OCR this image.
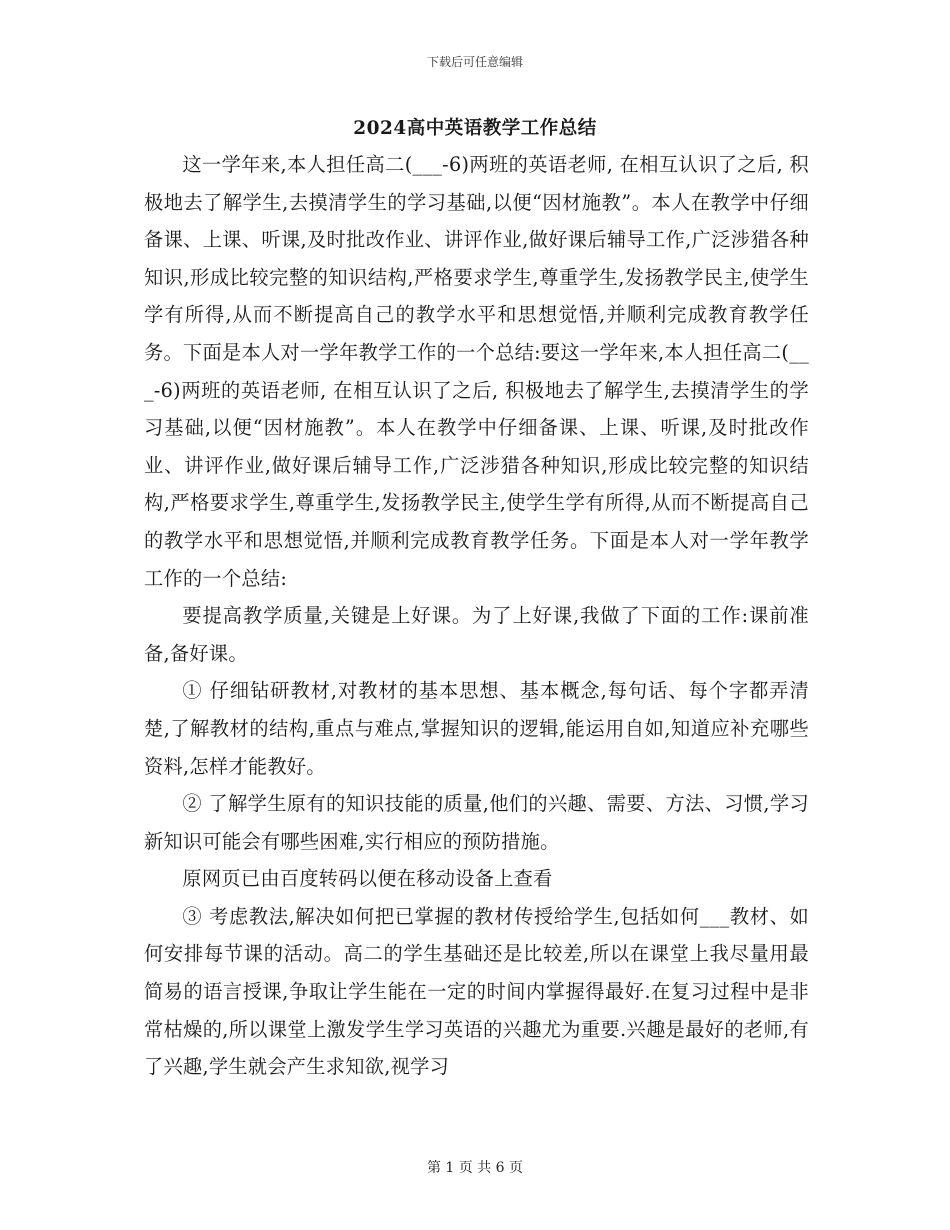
下载后可任意编辑
2024高中英语教学工作总结

这一学年来,本人担任高二(___-6)两班的英语老师, 在相互认识了之后, 积极地去了解学生,去摸清学生的学习基础,以便“因材施教”。本人在教学中仔细备课、上课、听课,及时批改作业、讲评作业,做好课后辅导工作,广泛涉猎各种知识,形成比较完整的知识结构,严格要求学生,尊重学生,发扬教学民主,使学生学有所得,从而不断提高自己的教学水平和思想觉悟,并顺利完成教育教学任务。下面是本人对一学年教学工作的一个总结:要这一学年来,本人担任高二(___-6)两班的英语老师, 在相互认识了之后, 积极地去了解学生,去摸清学生的学习基础,以便“因材施教”。本人在教学中仔细备课、上课、听课,及时批改作业、讲评作业,做好课后辅导工作,广泛涉猎各种知识,形成比较完整的知识结构,严格要求学生,尊重学生,发扬教学民主,使学生学有所得,从而不断提高自己的教学水平和思想觉悟,并顺利完成教育教学任务。下面是本人对一学年教学工作的一个总结:

要提高教学质量,关键是上好课。为了上好课,我做了下面的工作:课前准备,备好课。

① 仔细钻研教材,对教材的基本思想、基本概念,每句话、每个字都弄清楚,了解教材的结构,重点与难点,掌握知识的逻辑,能运用自如,知道应补充哪些资料,怎样才能教好。

② 了解学生原有的知识技能的质量,他们的兴趣、需要、方法、习惯,学习新知识可能会有哪些困难,实行相应的预防措施。

原网页已由百度转码以便在移动设备上查看

③ 考虑教法,解决如何把已掌握的教材传授给学生,包括如何___教材、如何安排每节课的活动。高二的学生基础还是比较差,所以在课堂上我尽量用最简易的语言授课,争取让学生能在一定的时间内掌握得最好.在复习过程中是非常枯燥的,所以课堂上激发学生学习英语的兴趣尤为重要.兴趣是最好的老师,有了兴趣,学生就会产生求知欲,视学习

第 1 页 共 6 页
